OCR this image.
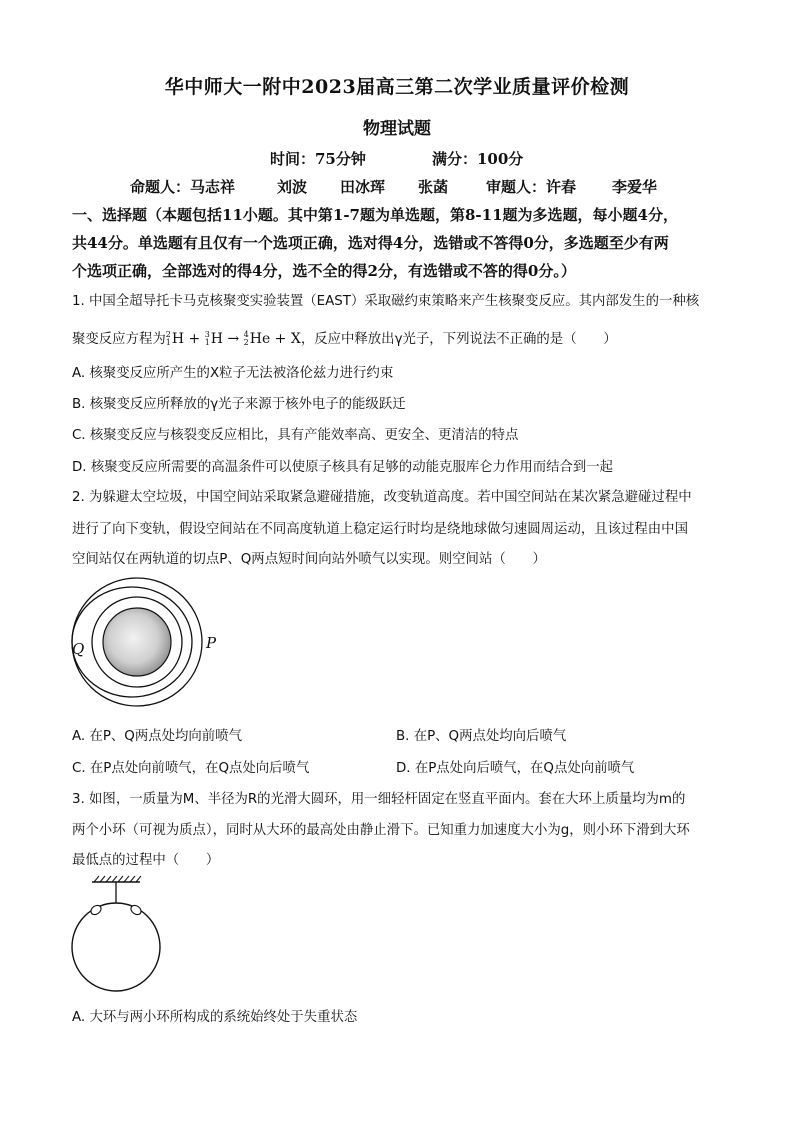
华中师大一附中2023届高三第二次学业质量评价检测
物理试题
时间：75分钟	满分：100分
命题人：马志祥	刘波 田冰珲 张菡	审题人：许春 李爱华
一、选择题（本题包括11小题。其中第1-7题为单选题，第8-11题为多选题，每小题4分，
共44分。单选题有且仅有一个选项正确，选对得4分，选错或不答得0分，多选题至少有两
个选项正确，全部选对的得4分，选不全的得2分，有选错或不答的得0分。）
1. 中国全超导托卡马克核聚变实验装置（EAST）采取磁约束策略来产生核聚变反应。其内部发生的一种核
聚变反应方程为2
1H + 3
1H → 4
2He + X，反应中释放出γ光子，下列说法不正确的是（　　）
A. 核聚变反应所产生的X粒子无法被洛伦兹力进行约束
B. 核聚变反应所释放的γ光子来源于核外电子的能级跃迁
C. 核聚变反应与核裂变反应相比，具有产能效率高、更安全、更清洁的特点
D. 核聚变反应所需要的高温条件可以使原子核具有足够的动能克服库仑力作用而结合到一起
2. 为躲避太空垃圾，中国空间站采取紧急避碰措施，改变轨道高度。若中国空间站在某次紧急避碰过程中
进行了向下变轨，假设空间站在不同高度轨道上稳定运行时均是绕地球做匀速圆周运动，且该过程由中国
空间站仅在两轨道的切点P、Q两点短时间向站外喷气以实现。则空间站（　　）
Q	P
A. 在P、Q两点处均向前喷气	B. 在P、Q两点处均向后喷气
C. 在P点处向前喷气，在Q点处向后喷气	D. 在P点处向后喷气，在Q点处向前喷气
3. 如图，一质量为M、半径为R的光滑大圆环，用一细轻杆固定在竖直平面内。套在大环上质量均为m的
两个小环（可视为质点），同时从大环的最高处由静止滑下。已知重力加速度大小为g，则小环下滑到大环
最低点的过程中（　　）
A. 大环与两小环所构成的系统始终处于失重状态
